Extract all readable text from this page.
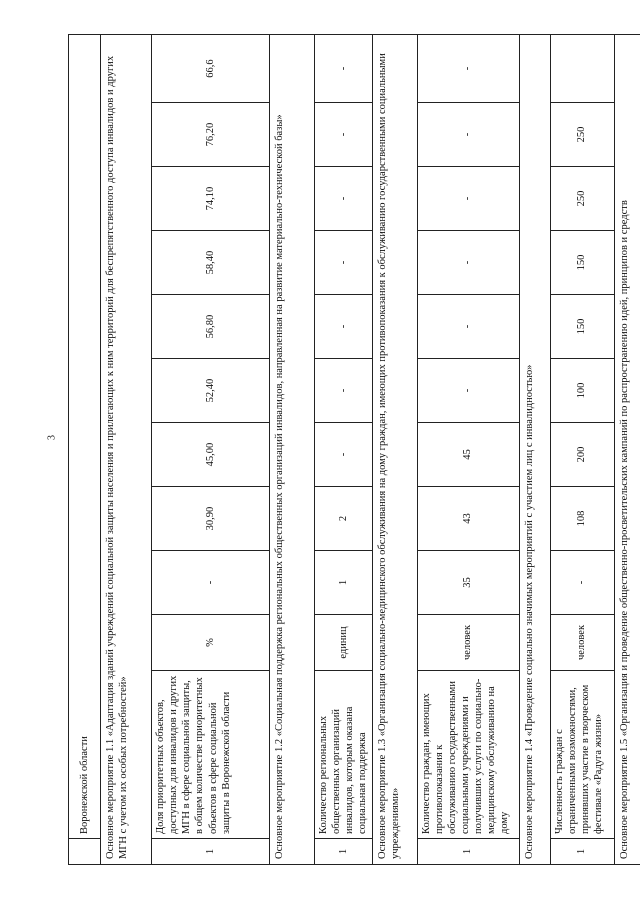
3
	Воронежской области										
Основное мероприятие 1.1 «Адаптация зданий учреждений социальной защиты населения и прилегающих к ним территорий для беспрепятственного доступа инвалидов и других МГН с учетом их особых потребностей»											
1	Доля приоритетных объектов, доступных для инвалидов и других МГН в сфере социальной защиты, в общем количестве приоритетных объектов в сфере социальной защиты в Воронежской области	%	-	30,90	45,00	52,40	56,80	58,40	74,10	76,20	66,6
Основное мероприятие 1.2 «Социальная поддержка региональных общественных организаций инвалидов, направленная на развитие материально-технической базы»											
1	Количество региональных общественных организаций инвалидов, которым оказана социальная поддержка	единиц	1	2	-	-	-	-	-	-	-
Основное мероприятие 1.3 «Организация социально-медицинского обслуживания на дому граждан, имеющих противопоказания к обслуживанию государственными социальными учреждениями»											
1	Количество граждан, имеющих противопоказания к обслуживанию государственными социальными учреждениями и получивших услуги по социально-медицинскому обслуживанию на дому	человек	35	43	45	-	-	-	-	-	-
Основное мероприятие 1.4 «Проведение социально значимых мероприятий с участием лиц с инвалидностью»											
1	Численность граждан с ограниченными возможностями, принявших участие в творческом фестивале «Радуга жизни»	человек	-	108	200	100	150	150	250	250	
Основное мероприятие 1.5 «Организация и проведение общественно-просветительских кампаний по распространению идей, принципов и средств											
